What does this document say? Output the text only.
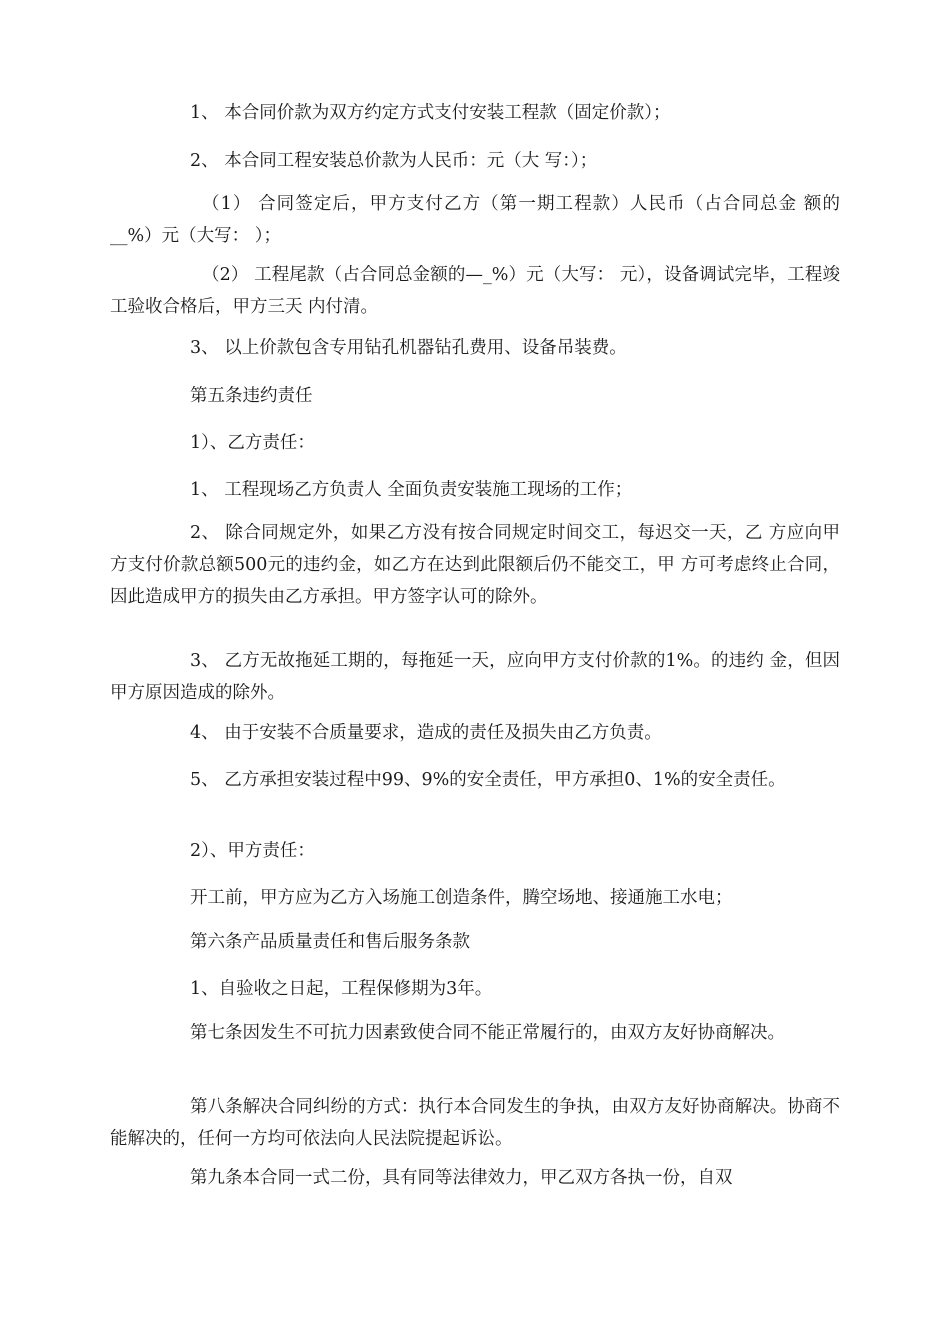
1、 本合同价款为双方约定方式支付安装工程款（固定价款）；

2、 本合同工程安装总价款为人民币：元（大 写：）；

（1） 合同签定后，甲方支付乙方（第一期工程款）人民币（占合同总金 额的__%）元（大写： ）；

（2） 工程尾款（占合同总金额的—_%）元（大写： 元），设备调试完毕，工程竣工验收合格后，甲方三天 内付清。

3、 以上价款包含专用钻孔机器钻孔费用、设备吊装费。

第五条违约责任

1）、乙方责任：

1、 工程现场乙方负责人 全面负责安装施工现场的工作；

2、 除合同规定外，如果乙方没有按合同规定时间交工，每迟交一天，乙 方应向甲方支付价款总额500元的违约金，如乙方在达到此限额后仍不能交工，甲 方可考虑终止合同，因此造成甲方的损失由乙方承担。甲方签字认可的除外。

3、 乙方无故拖延工期的，每拖延一天，应向甲方支付价款的1%。的违约 金，但因甲方原因造成的除外。

4、 由于安装不合质量要求，造成的责任及损失由乙方负责。

5、 乙方承担安装过程中99、9%的安全责任，甲方承担0、1%的安全责任。

2）、甲方责任：

开工前，甲方应为乙方入场施工创造条件，腾空场地、接通施工水电；

第六条产品质量责任和售后服务条款

1、自验收之日起，工程保修期为3年。

第七条因发生不可抗力因素致使合同不能正常履行的，由双方友好协商解决。

第八条解决合同纠纷的方式：执行本合同发生的争执，由双方友好协商解决。协商不能解决的，任何一方均可依法向人民法院提起诉讼。

第九条本合同一式二份，具有同等法律效力，甲乙双方各执一份，自双
